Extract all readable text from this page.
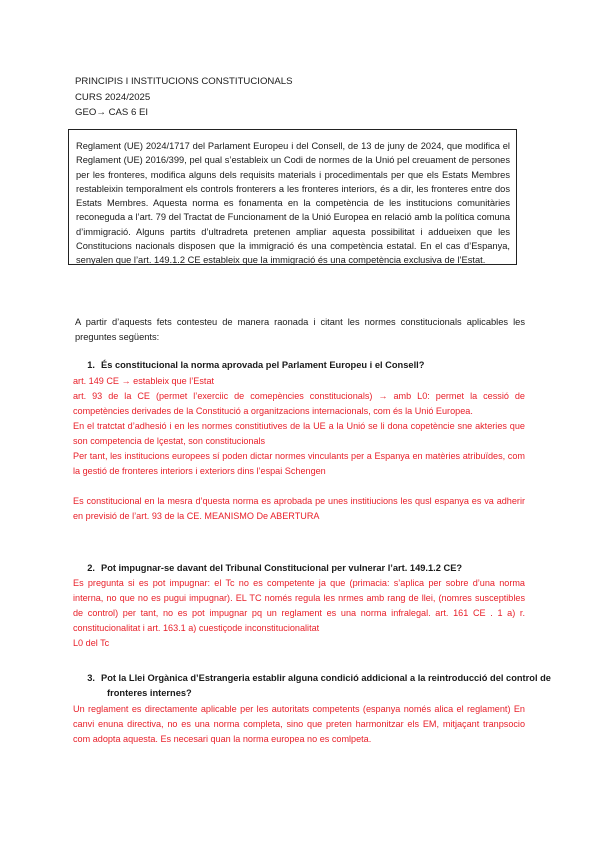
PRINCIPIS I INSTITUCIONS CONSTITUCIONALS
CURS 2024/2025
GEO→ CAS 6 EI
Reglament (UE) 2024/1717 del Parlament Europeu i del Consell, de 13 de juny de 2024, que modifica el Reglament (UE) 2016/399, pel qual s’estableix un Codi de normes de la Unió pel creuament de persones per les fronteres, modifica alguns dels requisits materials i procedimentals per que els Estats Membres restableixin temporalment els controls fronterers a les fronteres interiors, és a dir, les fronteres entre dos Estats Membres. Aquesta norma es fonamenta en la competència de les institucions comunitàries reconeguda a l’art. 79 del Tractat de Funcionament de la Unió Europea en relació amb la política comuna d’immigració. Alguns partits d’ultradreta pretenen ampliar aquesta possibilitat i addueixen que les Constitucions nacionals disposen que la immigració és una competència estatal. En el cas d’Espanya, senyalen que l’art. 149.1.2 CE estableix que la immigració és una competència exclusiva de l’Estat.
A partir d’aquests fets contesteu de manera raonada i citant les normes constitucionals aplicables les preguntes següents:
1. És constitucional la norma aprovada pel Parlament Europeu i el Consell?

art. 149 CE → estableix que l’Estat

art. 93 de la CE (permet l’exerciic de comepències constitucionals) → amb L0: permet la cessió de competències derivades de la Constitució a organitzacions internacionals, com és la Unió Europea.

En el tratctat d’adhesió i en les normes constitiutives de la UE a la Unió se li dona copetèncie sne akteries que son competencia de lçestat, son constitucionals

Per tant, les institucions europees sí poden dictar normes vinculants per a Espanya en matèries atribuïdes, com la gestió de fronteres interiors i exteriors dins l’espai Schengen

Es constitucional en la mesra d’questa norma es aprobada pe unes institiucions les qusl espanya es va adherir en previsió de l’art. 93 de la CE. MEANISMO De ABERTURA

2. Pot impugnar-se davant del Tribunal Constitucional per vulnerar l’art. 149.1.2 CE?

Es pregunta si es pot impugnar: el Tc no es competente ja que (primacia: s’aplica per sobre d’una norma interna, no que no es pugui impugnar). EL TC només regula les nrmes amb rang de llei, (nomres susceptibles de control) per tant, no es pot impugnar pq un reglament es una norma infralegal. art. 161 CE . 1 a) r. constitucionalitat i art. 163.1 a) cuestiçode inconstitucionalitat

L0 del Tc

3. Pot la Llei Orgànica d’Estrangeria establir alguna condició addicional a la reintroducció del control de fronteres internes?

Un reglament es directamente aplicable per les autoritats competents (espanya només alica el reglament) En canvi enuna directiva, no es una norma completa, sino que preten harmonitzar els EM, mitjaçant tranpsocio com adopta aquesta. Es necesari quan la norma europea no es comlpeta.
